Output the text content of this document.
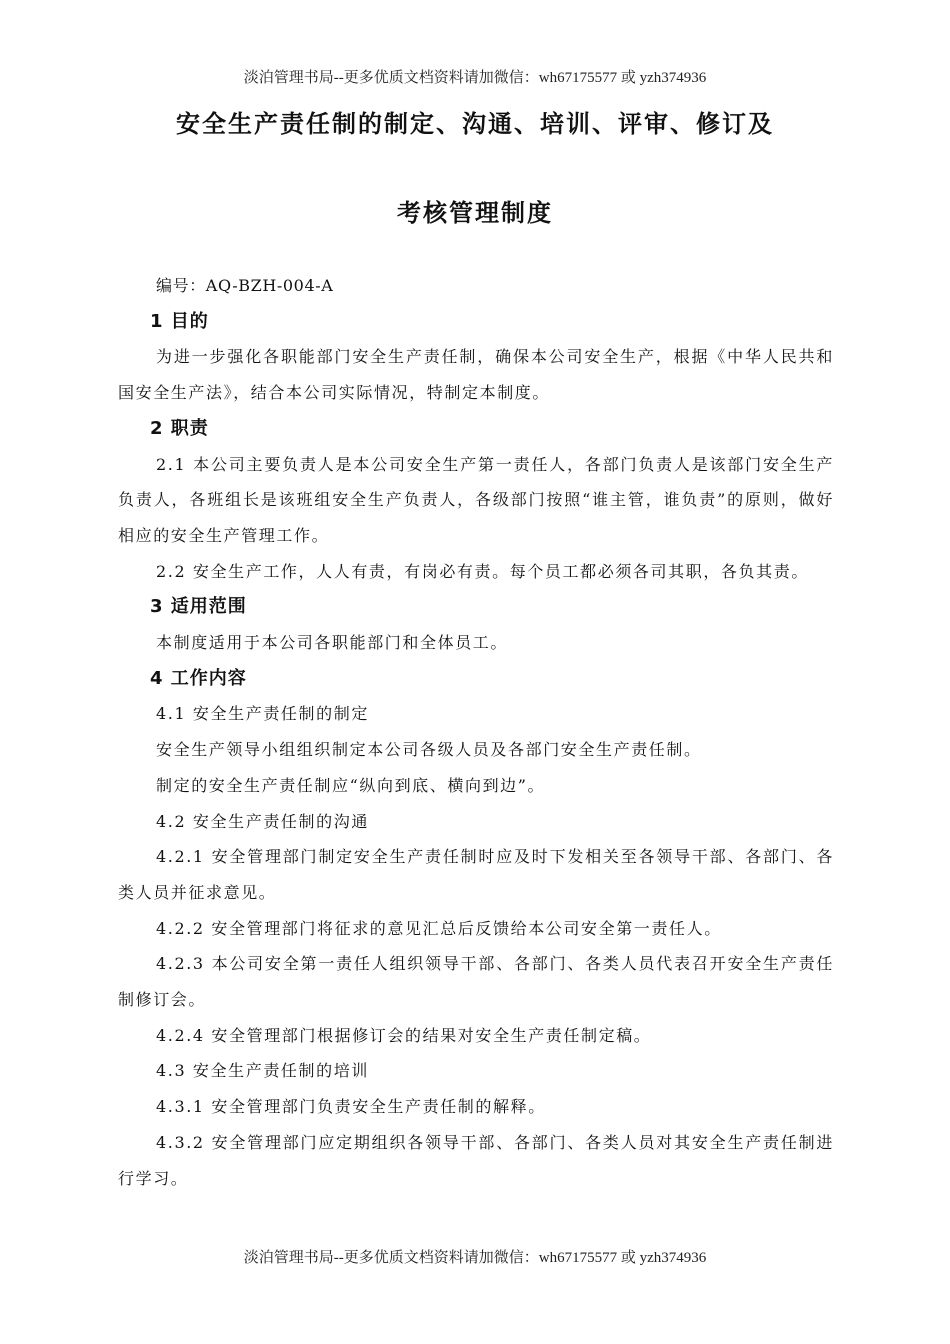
淡泊管理书局--更多优质文档资料请加微信：wh67175577 或 yzh374936
安全生产责任制的制定、沟通、培训、评审、修订及
考核管理制度

编号：AQ-BZH-004-A

1 目的

为进一步强化各职能部门安全生产责任制，确保本公司安全生产，根据《中华人民共和国安全生产法》，结合本公司实际情况，特制定本制度。

2 职责

2.1 本公司主要负责人是本公司安全生产第一责任人，各部门负责人是该部门安全生产负责人，各班组长是该班组安全生产负责人，各级部门按照“谁主管，谁负责”的原则，做好相应的安全生产管理工作。

2.2 安全生产工作，人人有责，有岗必有责。每个员工都必须各司其职，各负其责。

3 适用范围

本制度适用于本公司各职能部门和全体员工。

4 工作内容

4.1 安全生产责任制的制定

安全生产领导小组组织制定本公司各级人员及各部门安全生产责任制。

制定的安全生产责任制应“纵向到底、横向到边”。

4.2 安全生产责任制的沟通

4.2.1 安全管理部门制定安全生产责任制时应及时下发相关至各领导干部、各部门、各类人员并征求意见。

4.2.2 安全管理部门将征求的意见汇总后反馈给本公司安全第一责任人。

4.2.3 本公司安全第一责任人组织领导干部、各部门、各类人员代表召开安全生产责任制修订会。

4.2.4 安全管理部门根据修订会的结果对安全生产责任制定稿。

4.3 安全生产责任制的培训

4.3.1 安全管理部门负责安全生产责任制的解释。

4.3.2 安全管理部门应定期组织各领导干部、各部门、各类人员对其安全生产责任制进行学习。

淡泊管理书局--更多优质文档资料请加微信：wh67175577 或 yzh374936
